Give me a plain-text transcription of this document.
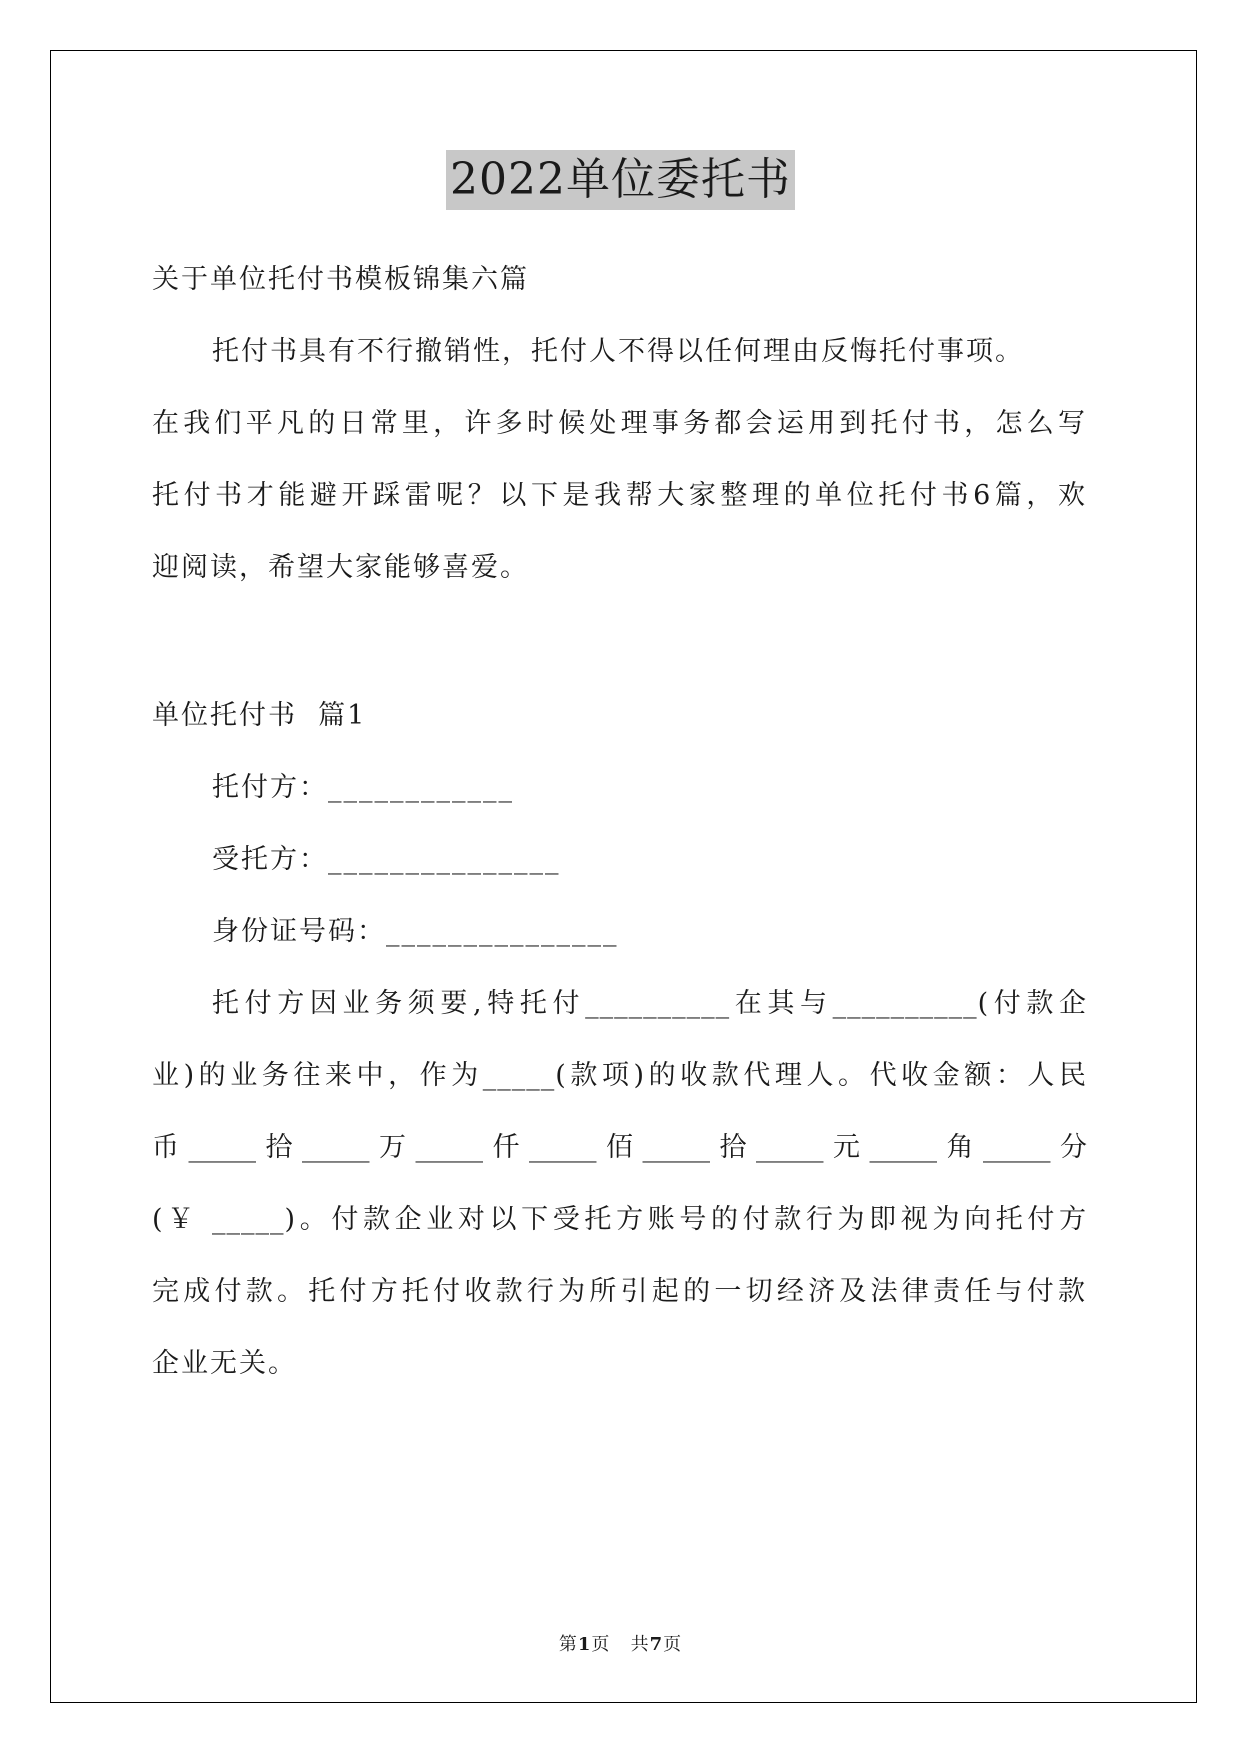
2022单位委托书
关于单位托付书模板锦集六篇
托付书具有不行撤销性，托付人不得以任何理由反悔托付事项。
在我们平凡的日常里，许多时候处理事务都会运用到托付书，怎么写
托付书才能避开踩雷呢？以下是我帮大家整理的单位托付书6篇，欢
迎阅读，希望大家能够喜爱。
单位托付书  篇1
托付方：____________
受托方：_______________
身份证号码：_______________
托付方因业务须要,特托付__________在其与__________(付款企
业)的业务往来中，作为_____(款项)的收款代理人。代收金额：人民
币_____拾_____万_____仟_____佰_____拾_____元_____角_____分
(￥ _____)。付款企业对以下受托方账号的付款行为即视为向托付方
完成付款。托付方托付收款行为所引起的一切经济及法律责任与付款
企业无关。
第1页   共7页
